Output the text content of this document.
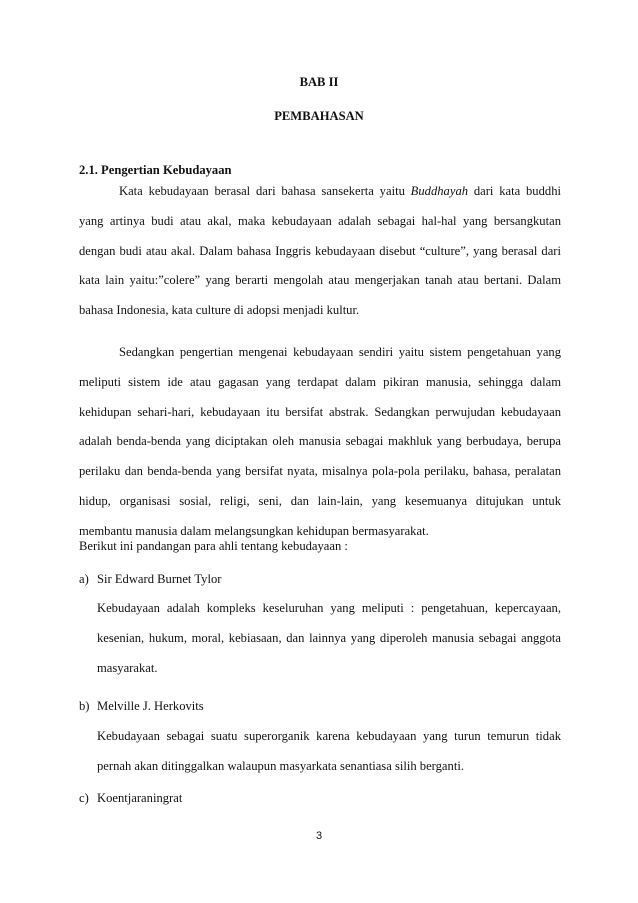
BAB II
PEMBAHASAN
2.1. Pengertian Kebudayaan
Kata kebudayaan berasal dari bahasa sansekerta yaitu Buddhayah dari kata buddhi
yang artinya budi atau akal, maka kebudayaan adalah sebagai hal-hal yang bersangkutan
dengan budi atau akal. Dalam bahasa Inggris kebudayaan disebut “culture”, yang berasal dari
kata lain yaitu:”colere” yang berarti mengolah atau mengerjakan tanah atau bertani. Dalam
bahasa Indonesia, kata culture di adopsi menjadi kultur.
Sedangkan pengertian mengenai kebudayaan sendiri yaitu sistem pengetahuan yang
meliputi sistem ide atau gagasan yang terdapat dalam pikiran manusia, sehingga dalam
kehidupan sehari-hari, kebudayaan itu bersifat abstrak. Sedangkan perwujudan kebudayaan
adalah benda-benda yang diciptakan oleh manusia sebagai makhluk yang berbudaya, berupa
perilaku dan benda-benda yang bersifat nyata, misalnya pola-pola perilaku, bahasa, peralatan
hidup, organisasi sosial, religi, seni, dan lain-lain, yang kesemuanya ditujukan untuk
membantu manusia dalam melangsungkan kehidupan bermasyarakat.
Berikut ini pandangan para ahli tentang kebudayaan :
a) Sir Edward Burnet Tylor
Kebudayaan adalah kompleks keseluruhan yang meliputi : pengetahuan, kepercayaan,
kesenian, hukum, moral, kebiasaan, dan lainnya yang diperoleh manusia sebagai anggota
masyarakat.
b) Melville J. Herkovits
Kebudayaan sebagai suatu superorganik karena kebudayaan yang turun temurun tidak
pernah akan ditinggalkan walaupun masyarkata senantiasa silih berganti.
c) Koentjaraningrat
3
